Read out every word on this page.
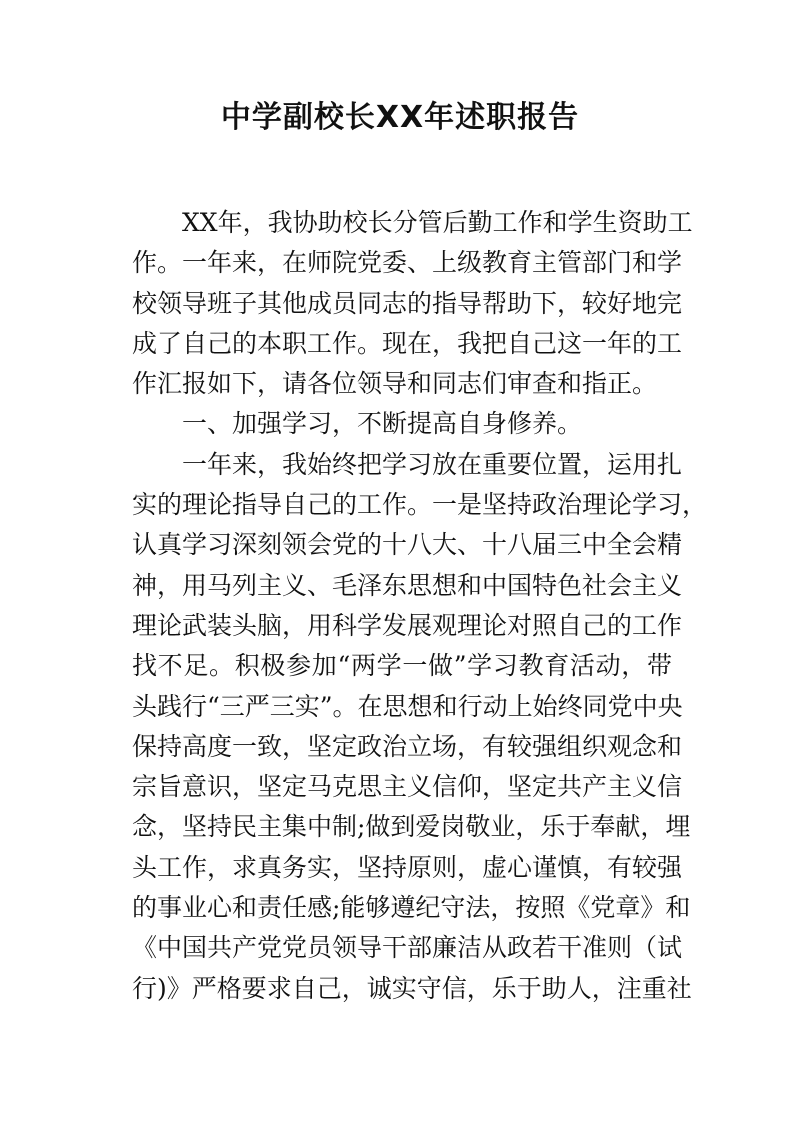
中学副校长XX年述职报告
XX年，我协助校长分管后勤工作和学生资助工
作。一年来，在师院党委、上级教育主管部门和学
校领导班子其他成员同志的指导帮助下，较好地完
成了自己的本职工作。现在，我把自己这一年的工
作汇报如下，请各位领导和同志们审查和指正。
一、加强学习，不断提高自身修养。
一年来，我始终把学习放在重要位置，运用扎
实的理论指导自己的工作。一是坚持政治理论学习，
认真学习深刻领会党的十八大、十八届三中全会精
神，用马列主义、毛泽东思想和中国特色社会主义
理论武装头脑，用科学发展观理论对照自己的工作
找不足。积极参加“两学一做”学习教育活动，带
头践行“三严三实”。在思想和行动上始终同党中央
保持高度一致，坚定政治立场，有较强组织观念和
宗旨意识，坚定马克思主义信仰，坚定共产主义信
念，坚持民主集中制;做到爱岗敬业，乐于奉献，埋
头工作，求真务实，坚持原则，虚心谨慎，有较强
的事业心和责任感;能够遵纪守法，按照《党章》和
《中国共产党党员领导干部廉洁从政若干准则（试
行)》严格要求自己，诚实守信，乐于助人，注重社
